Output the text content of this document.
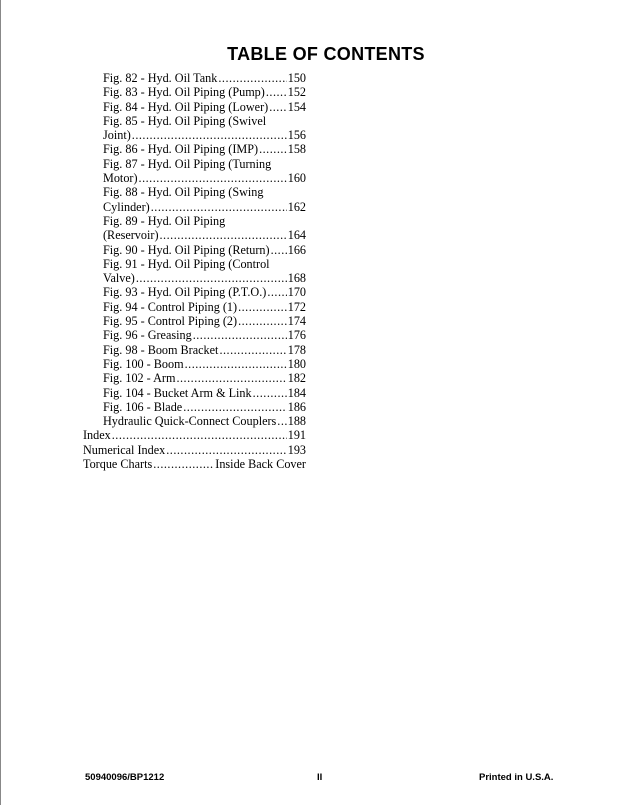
TABLE OF CONTENTS
Fig. 82 - Hyd. Oil Tank .....	150
Fig. 83 - Hyd. Oil Piping (Pump) ..... 152
Fig. 84 - Hyd. Oil Piping (Lower) ..... 154
Fig. 85 - Hyd. Oil Piping (Swivel
Joint) .....	156
Fig. 86 - Hyd. Oil Piping (IMP) ..... 158
Fig. 87 - Hyd. Oil Piping (Turning
Motor) .....	160
Fig. 88 - Hyd. Oil Piping (Swing
Cylinder) .....	162
Fig. 89 - Hyd. Oil Piping
(Reservoir) .....	164
Fig. 90 - Hyd. Oil Piping (Return) ..... 166
Fig. 91 - Hyd. Oil Piping (Control
Valve) .....	168
Fig. 93 - Hyd. Oil Piping (P.T.O.) ..... 170
Fig. 94 - Control Piping (1) .....	172
Fig. 95 - Control Piping (2) .....	174
Fig. 96 - Greasing .....	176
Fig. 98 - Boom Bracket .....	178
Fig. 100 - Boom .....	180
Fig. 102 - Arm .....	182
Fig. 104 - Bucket Arm & Link .....	184
Fig. 106 - Blade .....	186
Hydraulic Quick-Connect Couplers ..... 188
Index .....	191
Numerical Index .....	193
Torque Charts .....	Inside Back Cover
50940096/BP1212	II	Printed in U.S.A.
